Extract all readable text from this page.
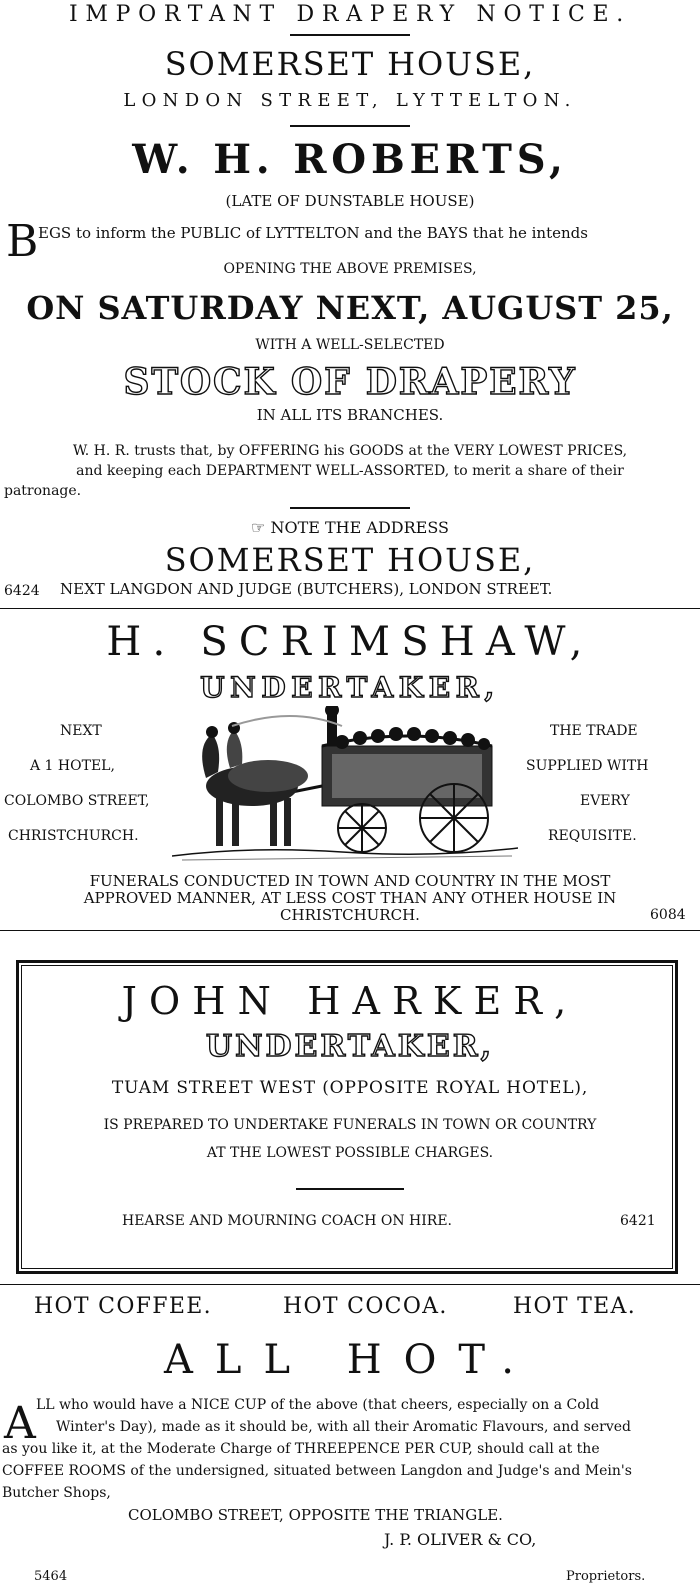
IMPORTANT DRAPERY NOTICE.
SOMERSET HOUSE,
LONDON STREET, LYTTELTON.
W. H. ROBERTS,
(LATE OF DUNSTABLE HOUSE)
B EGS to inform the PUBLIC of LYTTELTON and the BAYS that he intends
OPENING THE ABOVE PREMISES,
ON SATURDAY NEXT, AUGUST 25,
WITH A WELL-SELECTED
STOCK OF DRAPERY
IN ALL ITS BRANCHES.
W. H. R. trusts that, by OFFERING his GOODS at the VERY LOWEST PRICES,
and keeping each DEPARTMENT WELL-ASSORTED, to merit a share of their
patronage.
☞ NOTE THE ADDRESS
SOMERSET HOUSE,
6424 NEXT LANGDON AND JUDGE (BUTCHERS), LONDON STREET.
H. SCRIMSHAW,
UNDERTAKER,
NEXT
A 1 HOTEL,
COLOMBO STREET,
CHRISTCHURCH.
THE TRADE
SUPPLIED WITH
EVERY
REQUISITE.
FUNERALS CONDUCTED IN TOWN AND COUNTRY IN THE MOST
APPROVED MANNER, AT LESS COST THAN ANY OTHER HOUSE IN
CHRISTCHURCH.	6084
JOHN HARKER,
UNDERTAKER,
TUAM STREET WEST (OPPOSITE ROYAL HOTEL),
IS PREPARED TO UNDERTAKE FUNERALS IN TOWN OR COUNTRY
AT THE LOWEST POSSIBLE CHARGES.
HEARSE AND MOURNING COACH ON HIRE.	6421
HOT COFFEE.	HOT COCOA.	HOT TEA.
ALL HOT.
A LL who would have a NICE CUP of the above (that cheers, especially on a Cold
Winter's Day), made as it should be, with all their Aromatic Flavours, and served
as you like it, at the Moderate Charge of THREEPENCE PER CUP, should call at the
COFFEE ROOMS of the undersigned, situated between Langdon and Judge's and Mein's
Butcher Shops,
COLOMBO STREET, OPPOSITE THE TRIANGLE.
J. P. OLIVER & CO,
5464	Proprietors.
